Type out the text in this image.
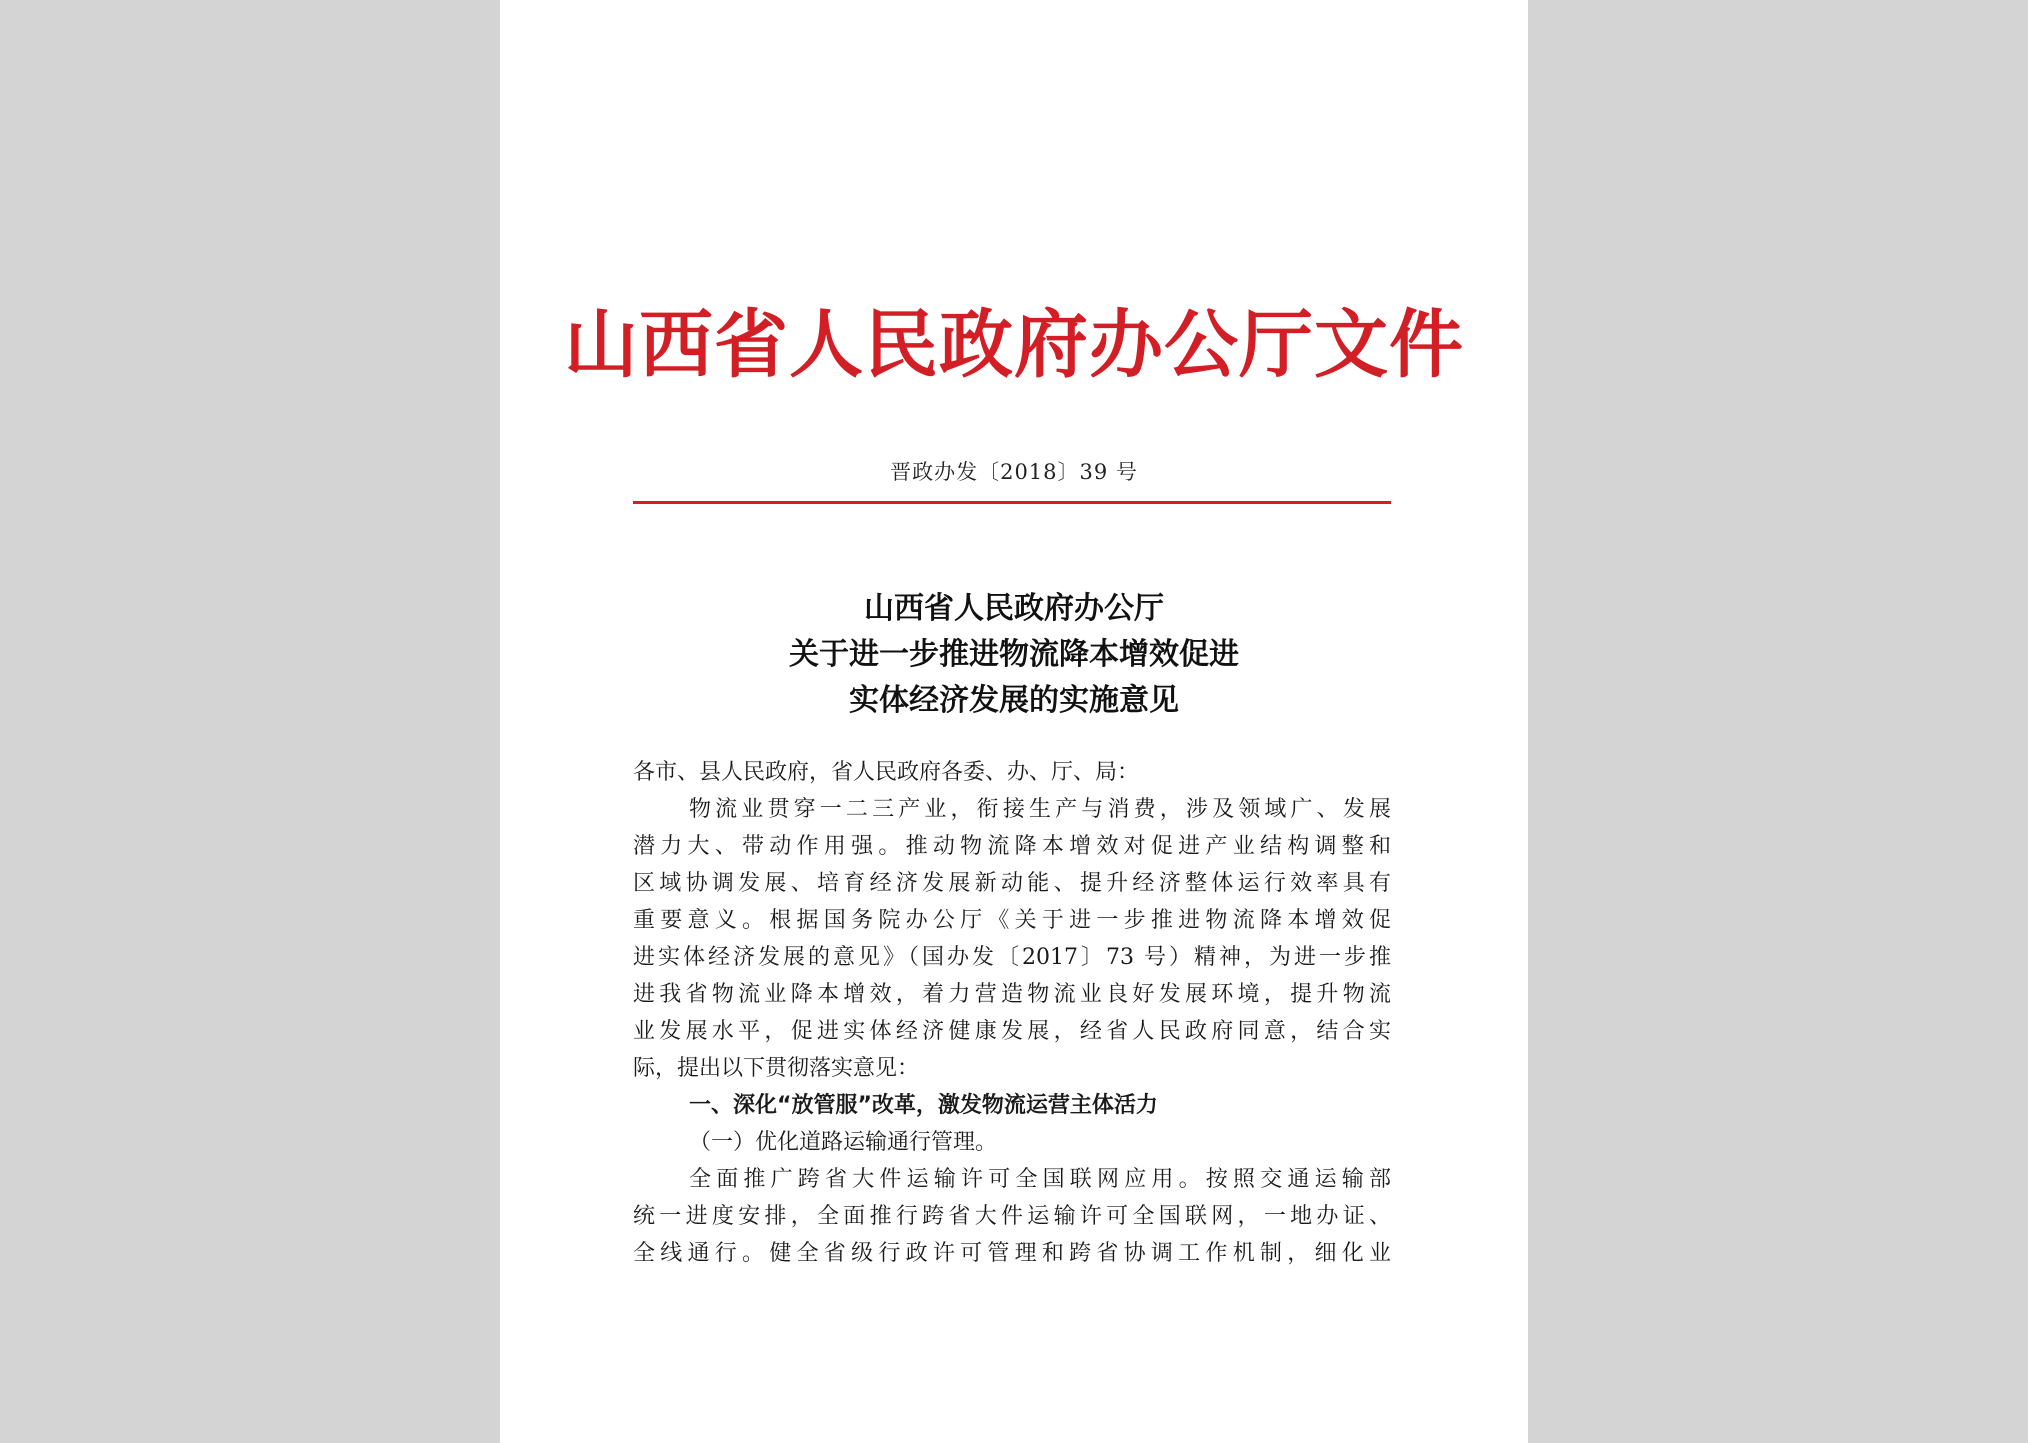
山西省人民政府办公厅文件
晋政办发〔2018〕39 号
山西省人民政府办公厅
关于进一步推进物流降本增效促进
实体经济发展的实施意见
各市、县人民政府，省人民政府各委、办、厅、局：
物流业贯穿一二三产业，衔接生产与消费，涉及领域广、发展
潜力大、带动作用强。推动物流降本增效对促进产业结构调整和
区域协调发展、培育经济发展新动能、提升经济整体运行效率具有
重要意义。根据国务院办公厅《关于进一步推进物流降本增效促
进实体经济发展的意见》（国办发〔2017〕73 号）精神，为进一步推
进我省物流业降本增效，着力营造物流业良好发展环境，提升物流
业发展水平，促进实体经济健康发展，经省人民政府同意，结合实
际，提出以下贯彻落实意见：
一、深化“放管服”改革，激发物流运营主体活力
（一）优化道路运输通行管理。
全面推广跨省大件运输许可全国联网应用。按照交通运输部
统一进度安排，全面推行跨省大件运输许可全国联网，一地办证、
全线通行。健全省级行政许可管理和跨省协调工作机制，细化业
